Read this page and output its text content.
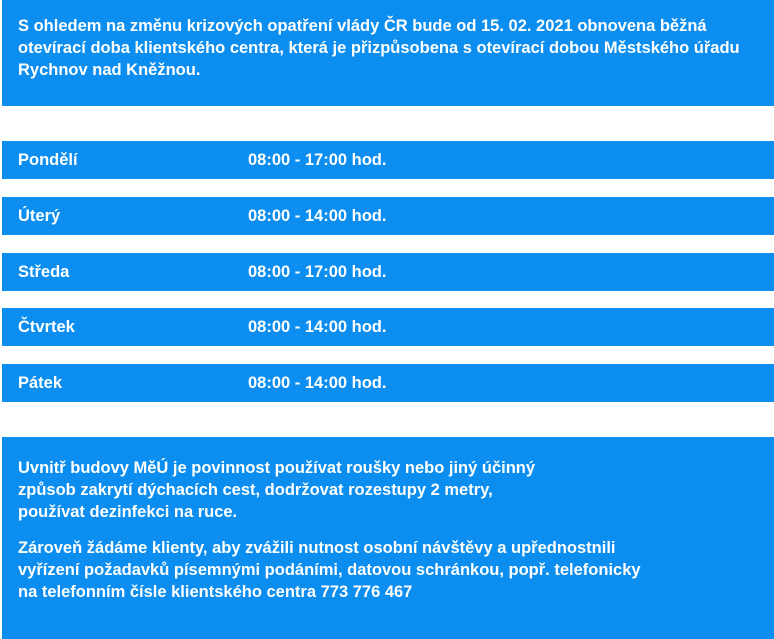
S ohledem na změnu krizových opatření vlády ČR bude od 15. 02. 2021 obnovena běžná otevírací doba klientského centra, která je přizpůsobena s otevírací dobou Městského úřadu Rychnov nad Kněžnou.

Pondělí	08:00 - 17:00 hod.
Úterý	08:00 - 14:00 hod.
Středa	08:00 - 17:00 hod.
Čtvrtek	08:00 - 14:00 hod.
Pátek	08:00 - 14:00 hod.

Uvnitř budovy MěÚ je povinnost používat roušky nebo jiný účinný
způsob zakrytí dýchacích cest, dodržovat rozestupy 2 metry,
používat dezinfekci na ruce.

Zároveň žádáme klienty, aby zvážili nutnost osobní návštěvy a upřednostnili
vyřízení požadavků písemnými podáními, datovou schránkou, popř. telefonicky
na telefonním čísle klientského centra 773 776 467
